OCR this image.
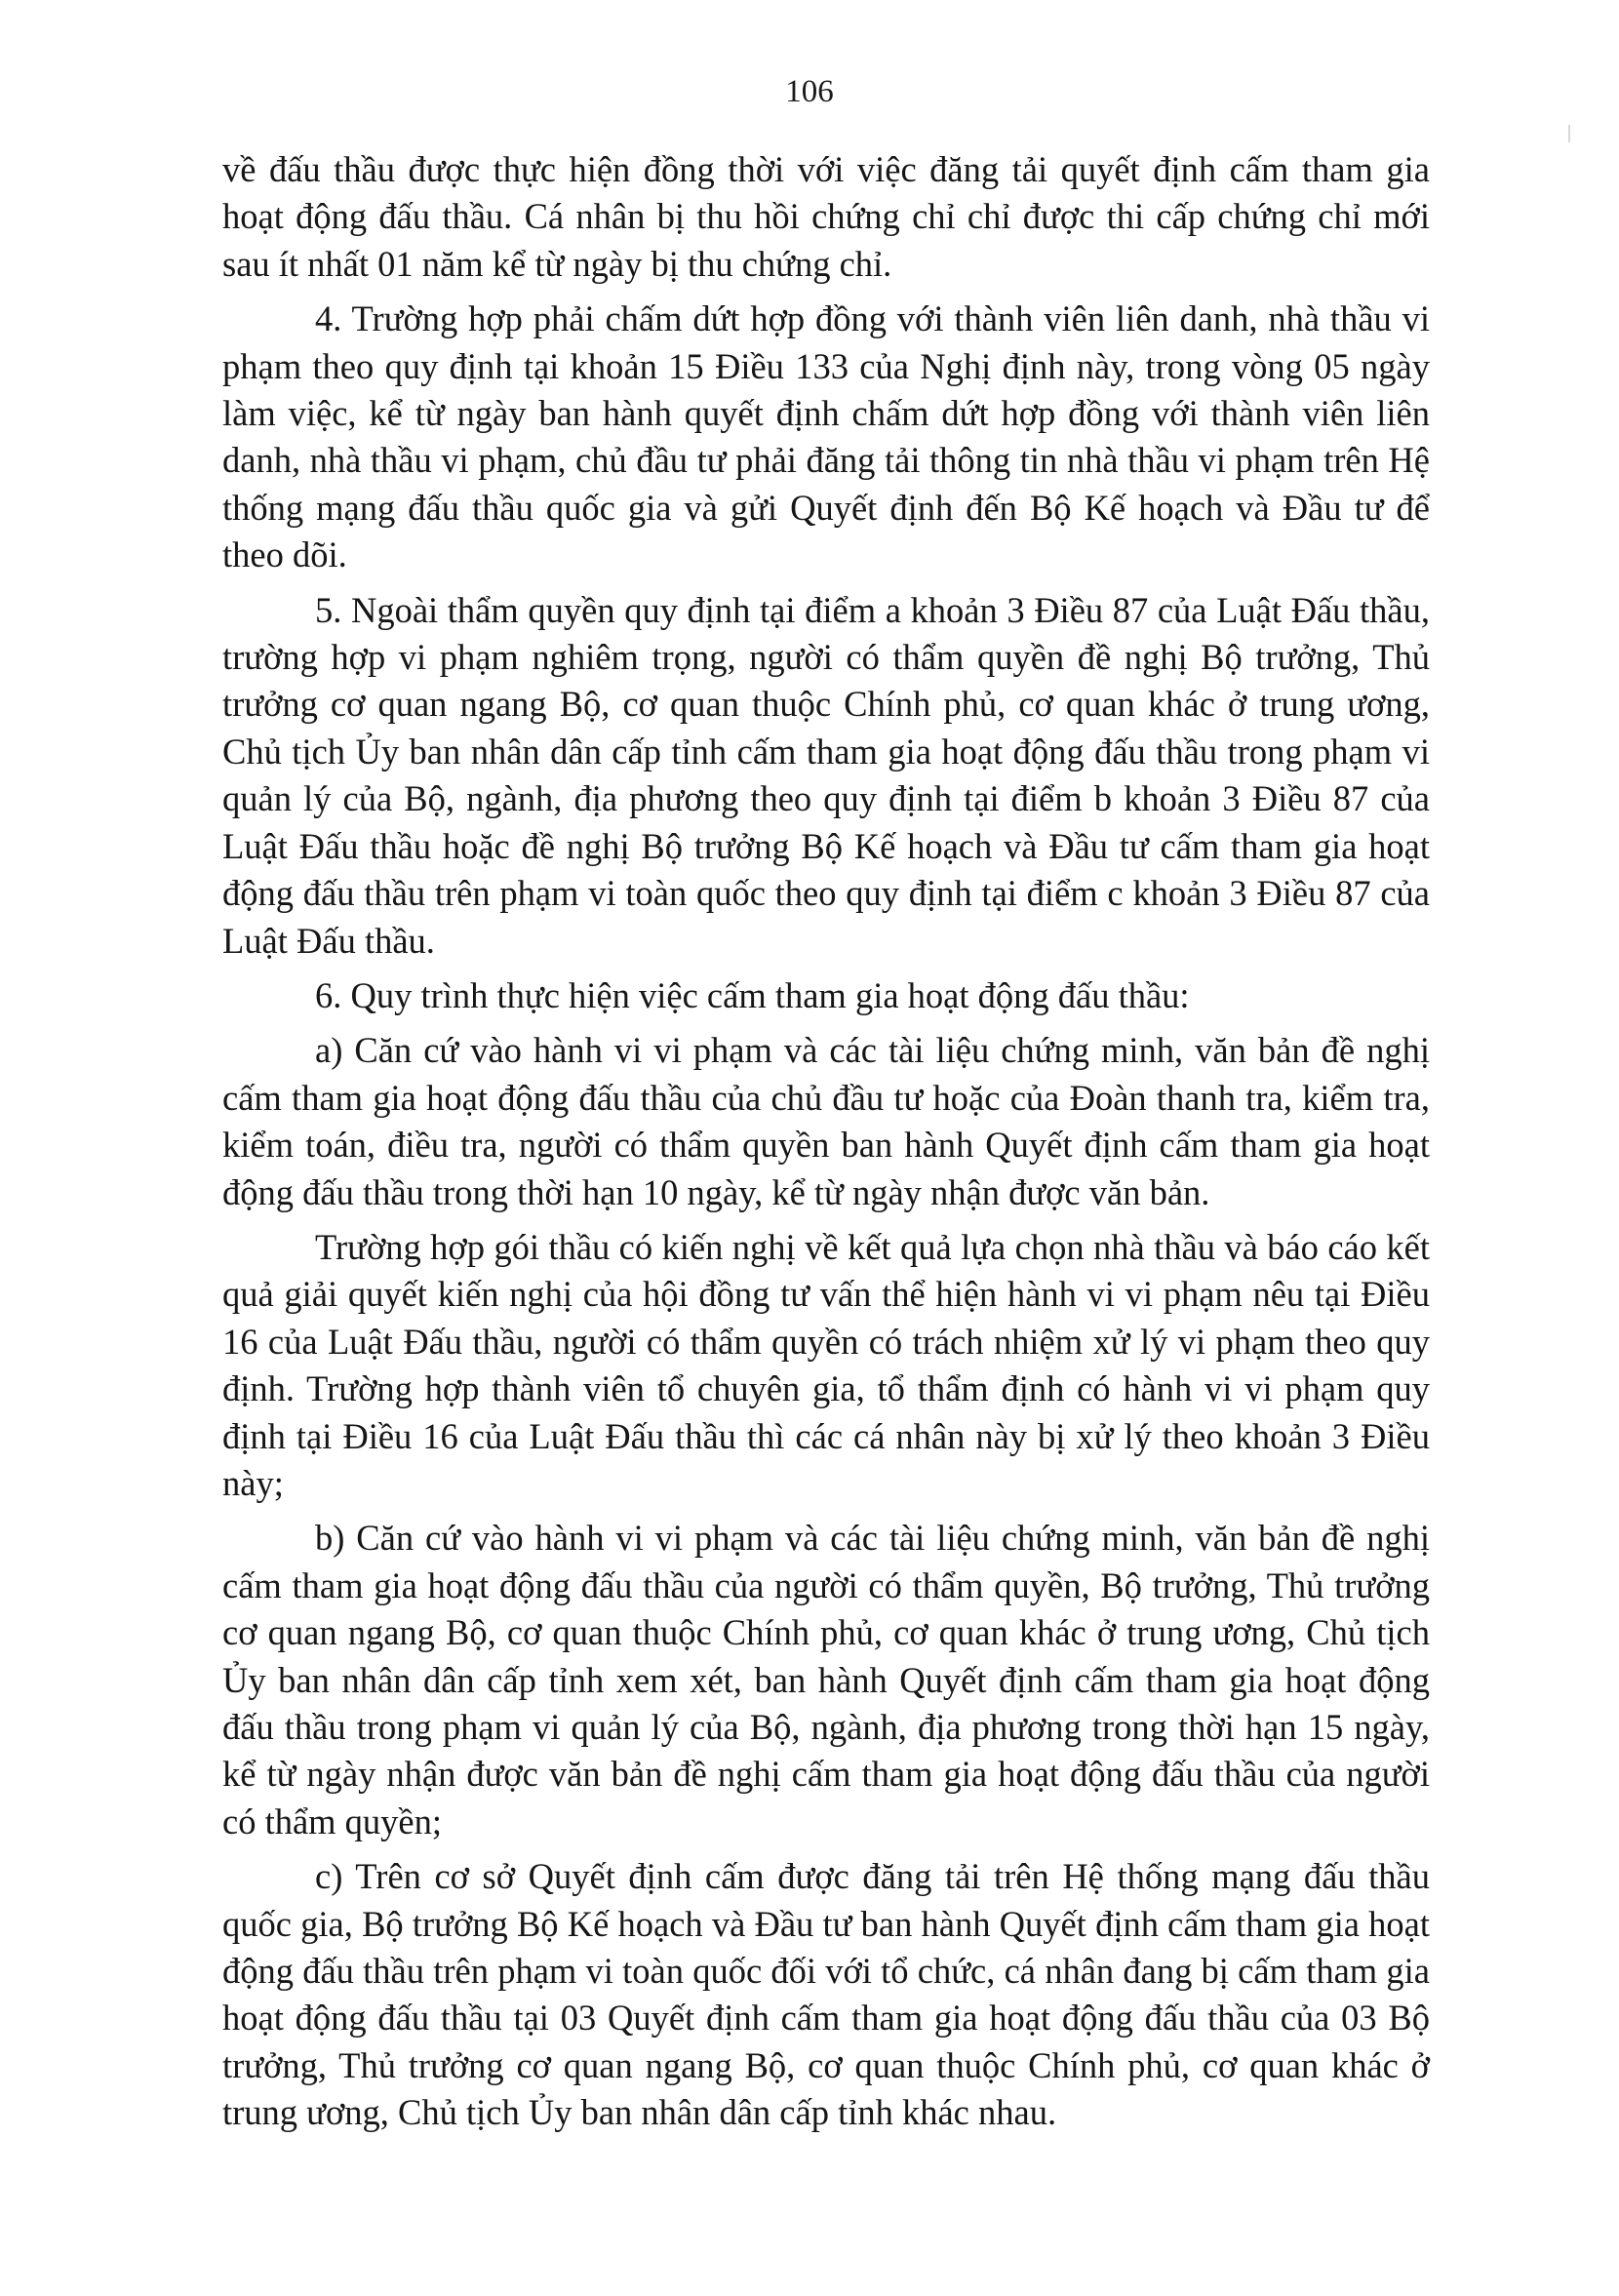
106

về đấu thầu được thực hiện đồng thời với việc đăng tải quyết định cấm tham gia hoạt động đấu thầu. Cá nhân bị thu hồi chứng chỉ chỉ được thi cấp chứng chỉ mới sau ít nhất 01 năm kể từ ngày bị thu chứng chỉ.

4. Trường hợp phải chấm dứt hợp đồng với thành viên liên danh, nhà thầu vi phạm theo quy định tại khoản 15 Điều 133 của Nghị định này, trong vòng 05 ngày làm việc, kể từ ngày ban hành quyết định chấm dứt hợp đồng với thành viên liên danh, nhà thầu vi phạm, chủ đầu tư phải đăng tải thông tin nhà thầu vi phạm trên Hệ thống mạng đấu thầu quốc gia và gửi Quyết định đến Bộ Kế hoạch và Đầu tư để theo dõi.

5. Ngoài thẩm quyền quy định tại điểm a khoản 3 Điều 87 của Luật Đấu thầu, trường hợp vi phạm nghiêm trọng, người có thẩm quyền đề nghị Bộ trưởng, Thủ trưởng cơ quan ngang Bộ, cơ quan thuộc Chính phủ, cơ quan khác ở trung ương, Chủ tịch Ủy ban nhân dân cấp tỉnh cấm tham gia hoạt động đấu thầu trong phạm vi quản lý của Bộ, ngành, địa phương theo quy định tại điểm b khoản 3 Điều 87 của Luật Đấu thầu hoặc đề nghị Bộ trưởng Bộ Kế hoạch và Đầu tư cấm tham gia hoạt động đấu thầu trên phạm vi toàn quốc theo quy định tại điểm c khoản 3 Điều 87 của Luật Đấu thầu.

6. Quy trình thực hiện việc cấm tham gia hoạt động đấu thầu:

a) Căn cứ vào hành vi vi phạm và các tài liệu chứng minh, văn bản đề nghị cấm tham gia hoạt động đấu thầu của chủ đầu tư hoặc của Đoàn thanh tra, kiểm tra, kiểm toán, điều tra, người có thẩm quyền ban hành Quyết định cấm tham gia hoạt động đấu thầu trong thời hạn 10 ngày, kể từ ngày nhận được văn bản.

Trường hợp gói thầu có kiến nghị về kết quả lựa chọn nhà thầu và báo cáo kết quả giải quyết kiến nghị của hội đồng tư vấn thể hiện hành vi vi phạm nêu tại Điều 16 của Luật Đấu thầu, người có thẩm quyền có trách nhiệm xử lý vi phạm theo quy định. Trường hợp thành viên tổ chuyên gia, tổ thẩm định có hành vi vi phạm quy định tại Điều 16 của Luật Đấu thầu thì các cá nhân này bị xử lý theo khoản 3 Điều này;

b) Căn cứ vào hành vi vi phạm và các tài liệu chứng minh, văn bản đề nghị cấm tham gia hoạt động đấu thầu của người có thẩm quyền, Bộ trưởng, Thủ trưởng cơ quan ngang Bộ, cơ quan thuộc Chính phủ, cơ quan khác ở trung ương, Chủ tịch Ủy ban nhân dân cấp tỉnh xem xét, ban hành Quyết định cấm tham gia hoạt động đấu thầu trong phạm vi quản lý của Bộ, ngành, địa phương trong thời hạn 15 ngày, kể từ ngày nhận được văn bản đề nghị cấm tham gia hoạt động đấu thầu của người có thẩm quyền;

c) Trên cơ sở Quyết định cấm được đăng tải trên Hệ thống mạng đấu thầu quốc gia, Bộ trưởng Bộ Kế hoạch và Đầu tư ban hành Quyết định cấm tham gia hoạt động đấu thầu trên phạm vi toàn quốc đối với tổ chức, cá nhân đang bị cấm tham gia hoạt động đấu thầu tại 03 Quyết định cấm tham gia hoạt động đấu thầu của 03 Bộ trưởng, Thủ trưởng cơ quan ngang Bộ, cơ quan thuộc Chính phủ, cơ quan khác ở trung ương, Chủ tịch Ủy ban nhân dân cấp tỉnh khác nhau.
